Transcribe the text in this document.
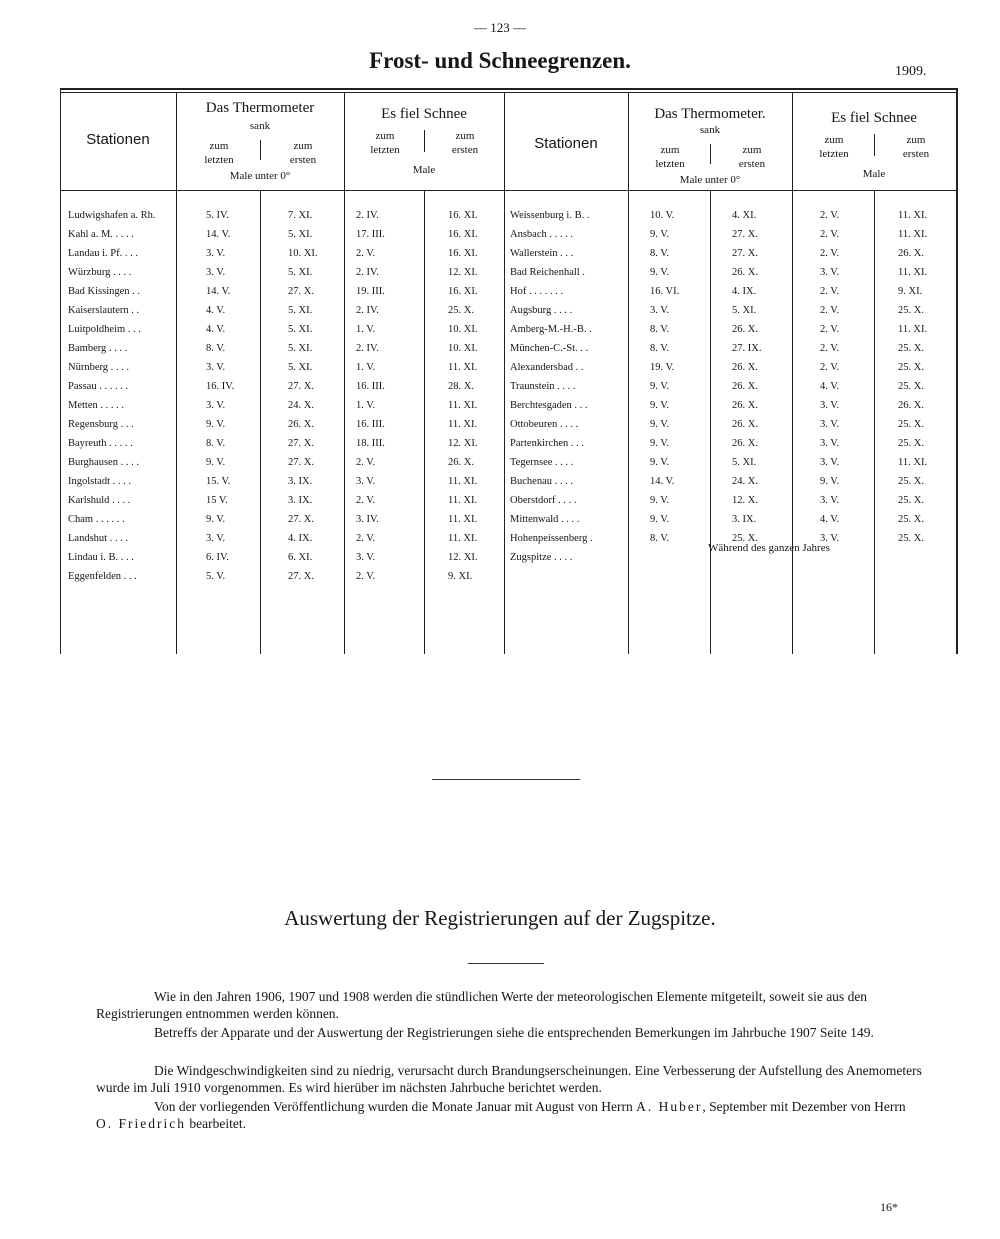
— 123 —
Frost- und Schneegrenzen.	1909.
Stationen
Das Thermometer
sank
zum
letzten
zum
ersten
Male unter 0°
Es fiel Schnee
zum
letzten
zum
ersten
Male
Stationen
Das Thermometer.
sank
zum
letzten
zum
ersten
Male unter 0°
Es fiel Schnee
zum
letzten
zum
ersten
Male
Ludwigshafen a. Rh.
Kahl a. M. . . . .
Landau i. Pf. . . .
Würzburg . . . .
Bad Kissingen . .
Kaiserslautern . .
Luitpoldheim . . .
Bamberg . . . .
Nürnberg . . . .
Passau . . . . . .
Metten . . . . .
Regensburg . . .
Bayreuth . . . . .
Burghausen . . . .
Ingolstadt . . . .
Karlshuld . . . .
Cham . . . . . .
Landshut . . . .
Lindau i. B. . . .
Eggenfelden . . .
5. IV.
14. V.
3. V.
3. V.
14. V.
4. V.
4. V.
8. V.
3. V.
16. IV.
3. V.
9. V.
8. V.
9. V.
15. V.
15 V.
9. V.
3. V.
6. IV.
5. V.
7. XI.
5. XI.
10. XI.
5. XI.
27. X.
5. XI.
5. XI.
5. XI.
5. XI.
27. X.
24. X.
26. X.
27. X.
27. X.
3. IX.
3. IX.
27. X.
4. IX.
6. XI.
27. X.
2. IV.
17. III.
2. V.
2. IV.
19. III.
2. IV.
1. V.
2. IV.
1. V.
16. III.
1. V.
16. III.
18. III.
2. V.
3. V.
2. V.
3. IV.
2. V.
3. V.
2. V.
16. XI.
16. XI.
16. XI.
12. XI.
16. XI.
25. X.
10. XI.
10. XI.
11. XI.
28. X.
11. XI.
11. XI.
12. XI.
26. X.
11. XI.
11. XI.
11. XI.
11. XI.
12. XI.
9. XI.
Weissenburg i. B. .
Ansbach . . . . .
Wallerstein . . .
Bad Reichenhall .
Hof . . . . . . .
Augsburg . . . .
Amberg-M.-H.-B. .
München-C.-St. . .
Alexandersbad . .
Traunstein . . . .
Berchtesgaden . . .
Ottobeuren . . . .
Partenkirchen . . .
Tegernsee . . . .
Buchenau . . . .
Oberstdorf . . . .
Mittenwald . . . .
Hohenpeissenberg .
Zugspitze . . . .
10. V.
9. V.
8. V.
9. V.
16. VI.
3. V.
8. V.
8. V.
19. V.
9. V.
9. V.
9. V.
9. V.
9. V.
14. V.
9. V.
9. V.
8. V.
4. XI.
27. X.
27. X.
26. X.
4. IX.
5. XI.
26. X.
27. IX.
26. X.
26. X.
26. X.
26. X.
26. X.
5. XI.
24. X.
12. X.
3. IX.
25. X.
2. V.
2. V.
2. V.
3. V.
2. V.
2. V.
2. V.
2. V.
2. V.
4. V.
3. V.
3. V.
3. V.
3. V.
9. V.
3. V.
4. V.
3. V.
11. XI.
11. XI.
26. X.
11. XI.
9. XI.
25. X.
11. XI.
25. X.
25. X.
25. X.
26. X.
25. X.
25. X.
11. XI.
25. X.
25. X.
25. X.
25. X.
Während des ganzen Jahres
Auswertung der Registrierungen auf der Zugspitze.
Wie in den Jahren 1906, 1907 und 1908 werden die stündlichen Werte der meteorologischen Elemente mitgeteilt, soweit sie aus den Registrierungen entnommen werden können.
Betreffs der Apparate und der Auswertung der Registrierungen siehe die entsprechenden Bemerkungen im Jahrbuche 1907 Seite 149.
Die Windgeschwindigkeiten sind zu niedrig, verursacht durch Brandungserscheinungen. Eine Verbesserung der Aufstellung des Anemometers wurde im Juli 1910 vorgenommen. Es wird hierüber im nächsten Jahrbuche berichtet werden.
Von der vorliegenden Veröffentlichung wurden die Monate Januar mit August von Herrn A. Huber, September mit Dezember von Herrn O. Friedrich bearbeitet.
16*
